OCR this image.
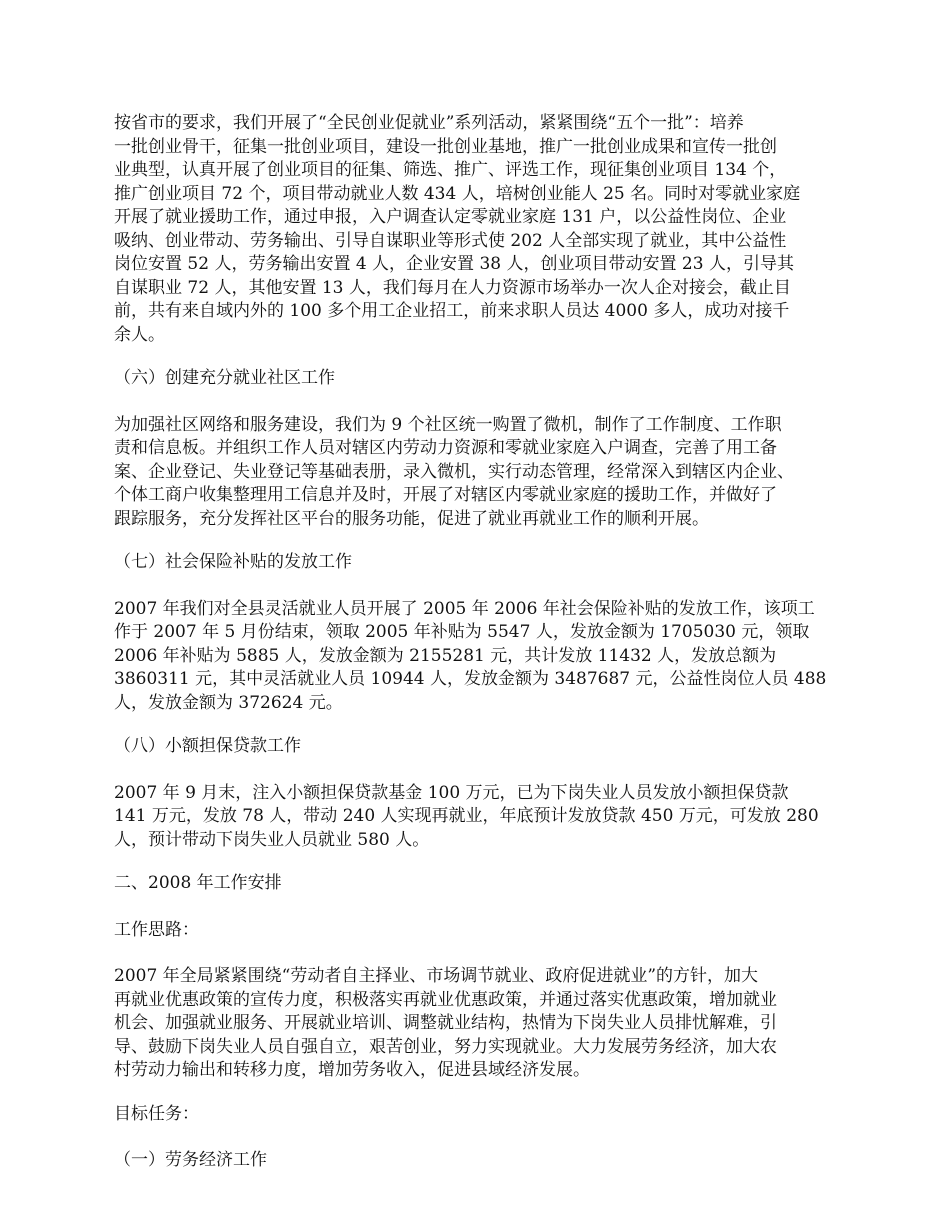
按省市的要求，我们开展了“全民创业促就业”系列活动，紧紧围绕“五个一批”：培养
一批创业骨干，征集一批创业项目，建设一批创业基地，推广一批创业成果和宣传一批创
业典型，认真开展了创业项目的征集、筛选、推广、评选工作，现征集创业项目 134 个，
推广创业项目 72 个，项目带动就业人数 434 人，培树创业能人 25 名。同时对零就业家庭
开展了就业援助工作，通过申报，入户调查认定零就业家庭 131 户，以公益性岗位、企业
吸纳、创业带动、劳务输出、引导自谋职业等形式使 202 人全部实现了就业，其中公益性
岗位安置 52 人，劳务输出安置 4 人，企业安置 38 人，创业项目带动安置 23 人，引导其
自谋职业 72 人，其他安置 13 人，我们每月在人力资源市场举办一次人企对接会，截止目
前，共有来自域内外的 100 多个用工企业招工，前来求职人员达 4000 多人，成功对接千
余人。
（六）创建充分就业社区工作
为加强社区网络和服务建设，我们为 9 个社区统一购置了微机，制作了工作制度、工作职
责和信息板。并组织工作人员对辖区内劳动力资源和零就业家庭入户调查，完善了用工备
案、企业登记、失业登记等基础表册，录入微机，实行动态管理，经常深入到辖区内企业、
个体工商户收集整理用工信息并及时，开展了对辖区内零就业家庭的援助工作，并做好了
跟踪服务，充分发挥社区平台的服务功能，促进了就业再就业工作的顺利开展。
（七）社会保险补贴的发放工作
2007 年我们对全县灵活就业人员开展了 2005 年 2006 年社会保险补贴的发放工作，该项工
作于 2007 年 5 月份结束，领取 2005 年补贴为 5547 人，发放金额为 1705030 元，领取
2006 年补贴为 5885 人，发放金额为 2155281 元，共计发放 11432 人，发放总额为
3860311 元，其中灵活就业人员 10944 人，发放金额为 3487687 元，公益性岗位人员 488
人，发放金额为 372624 元。
（八）小额担保贷款工作
2007 年 9 月末，注入小额担保贷款基金 100 万元，已为下岗失业人员发放小额担保贷款
141 万元，发放 78 人，带动 240 人实现再就业，年底预计发放贷款 450 万元，可发放 280
人，预计带动下岗失业人员就业 580 人。
二、2008 年工作安排
工作思路：
2007 年全局紧紧围绕“劳动者自主择业、市场调节就业、政府促进就业”的方针，加大
再就业优惠政策的宣传力度，积极落实再就业优惠政策，并通过落实优惠政策，增加就业
机会、加强就业服务、开展就业培训、调整就业结构，热情为下岗失业人员排忧解难，引
导、鼓励下岗失业人员自强自立，艰苦创业，努力实现就业。大力发展劳务经济，加大农
村劳动力输出和转移力度，增加劳务收入，促进县域经济发展。
目标任务：
（一）劳务经济工作
